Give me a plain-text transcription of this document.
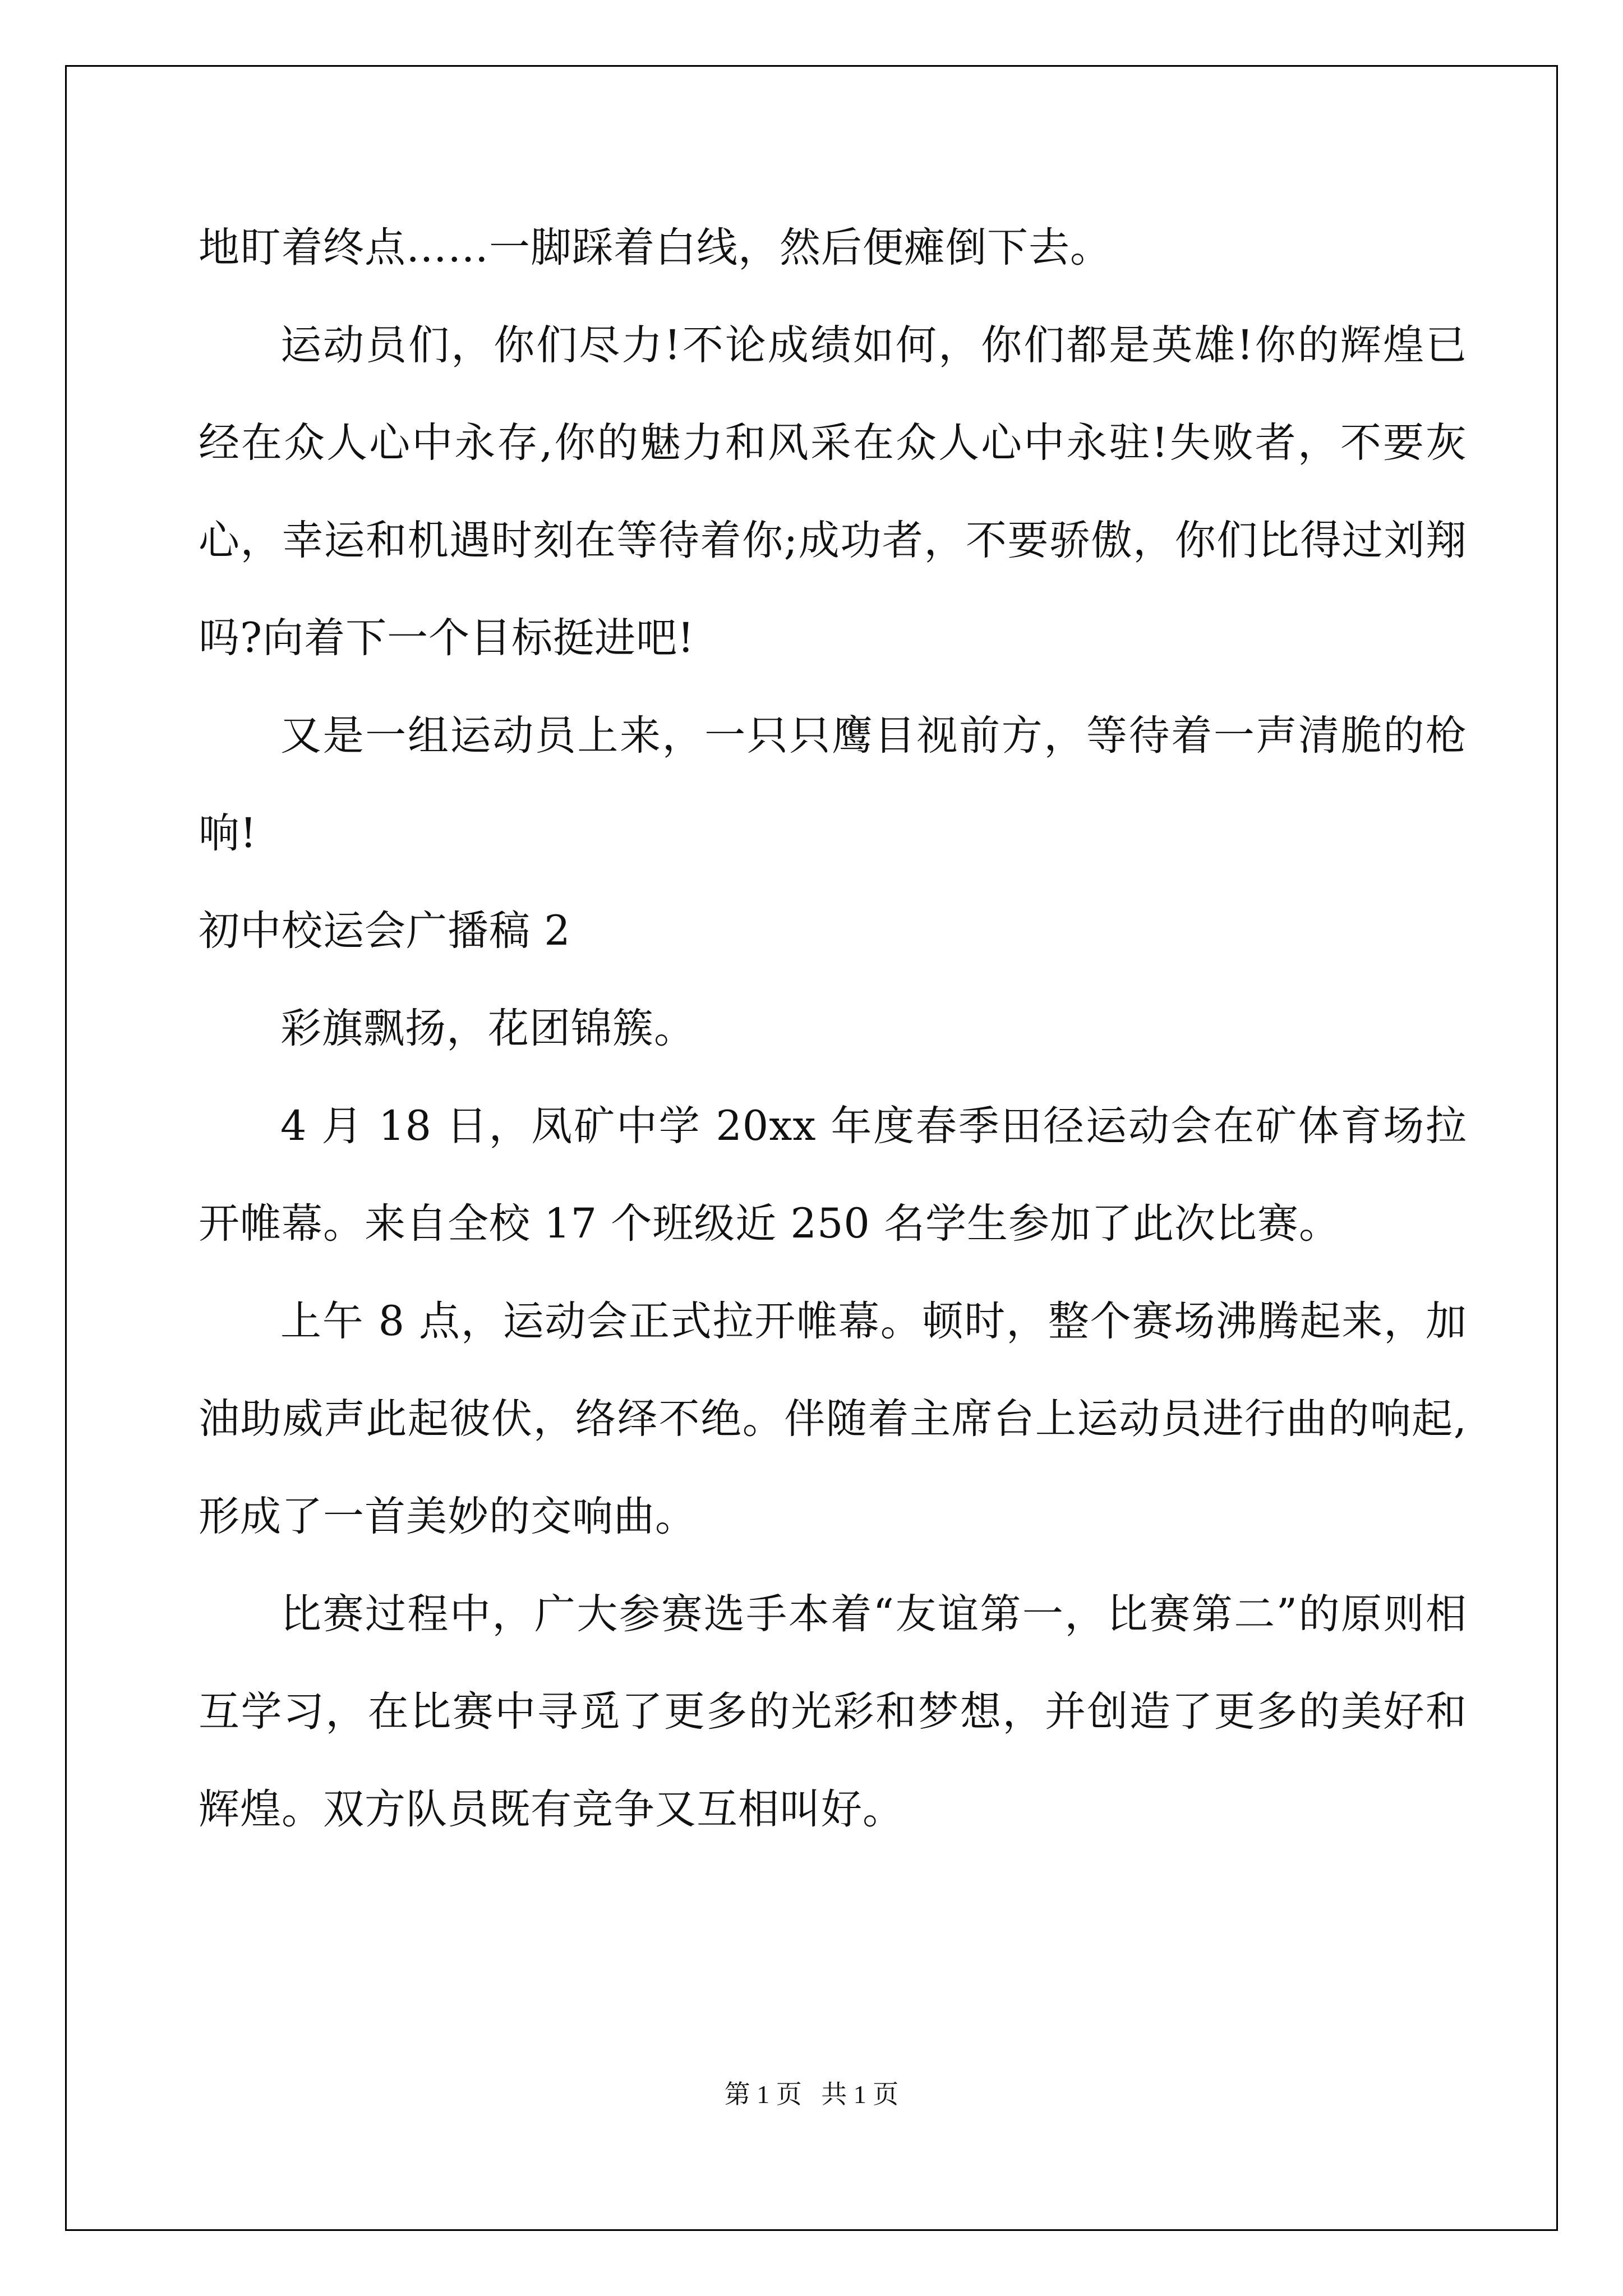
地盯着终点……一脚踩着白线，然后便瘫倒下去。

运动员们，你们尽力!不论成绩如何，你们都是英雄!你的辉煌已经在众人心中永存,你的魅力和风采在众人心中永驻!失败者，不要灰心，幸运和机遇时刻在等待着你;成功者，不要骄傲，你们比得过刘翔吗?向着下一个目标挺进吧!

又是一组运动员上来，一只只鹰目视前方，等待着一声清脆的枪响!

初中校运会广播稿 2

彩旗飘扬，花团锦簇。

4 月 18 日，凤矿中学 20xx 年度春季田径运动会在矿体育场拉开帷幕。来自全校 17 个班级近 250 名学生参加了此次比赛。

上午 8 点，运动会正式拉开帷幕。顿时，整个赛场沸腾起来，加油助威声此起彼伏，络绎不绝。伴随着主席台上运动员进行曲的响起,形成了一首美妙的交响曲。

比赛过程中，广大参赛选手本着“友谊第一，比赛第二”的原则相互学习，在比赛中寻觅了更多的光彩和梦想，并创造了更多的美好和辉煌。双方队员既有竞争又互相叫好。

第 1 页   共 1 页
